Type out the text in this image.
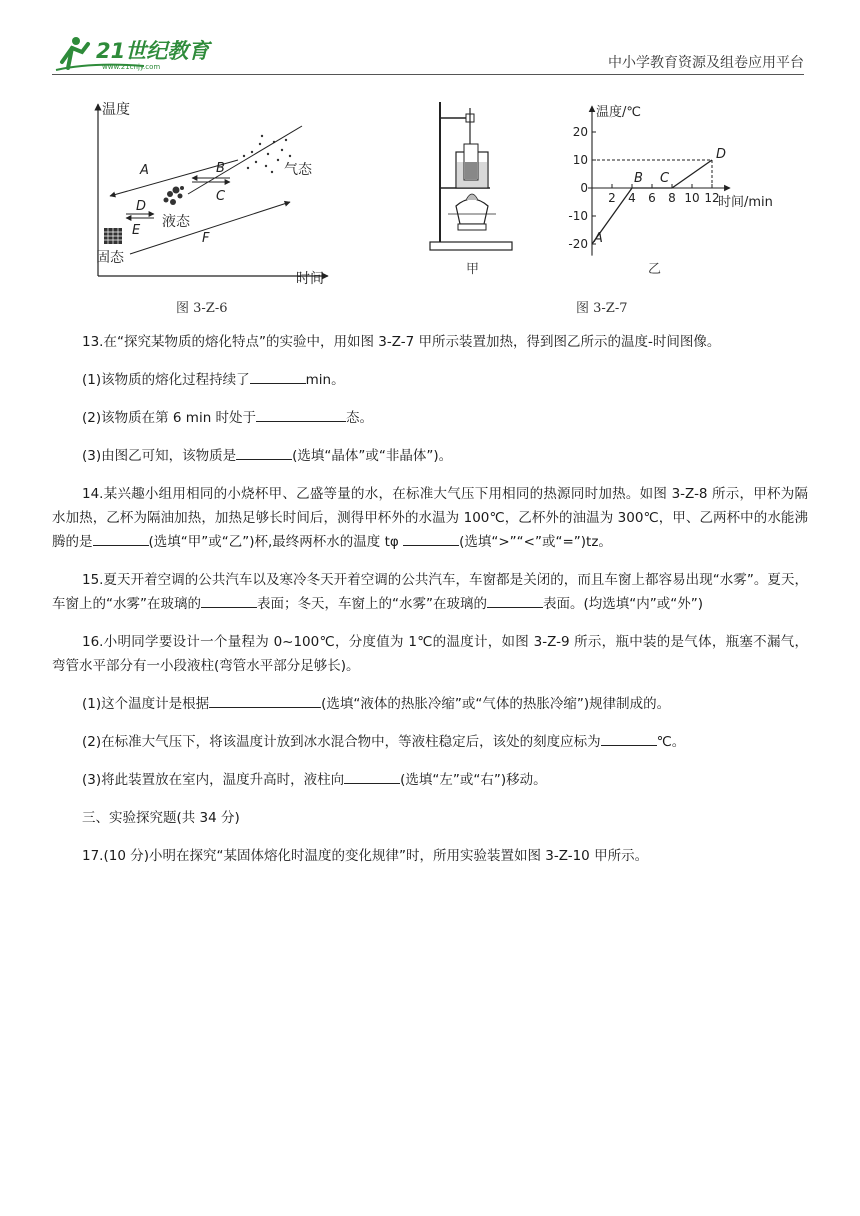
21世纪教育
www.21cnjy.com	中小学教育资源及组卷应用平台
温度
时间
固态
D
E
液态
气态
B
C
A
F
图 3-Z-6
甲
温度/℃
时间/min
20
10
0
-10
-20
2 4 6 8 10 12
A
B C
D
乙
图 3-Z-7

13.在“探究某物质的熔化特点”的实验中，用如图 3-Z-7 甲所示装置加热，得到图乙所示的温度-时间图像。

(1)该物质的熔化过程持续了	min。

(2)该物质在第 6 min 时处于	态。

(3)由图乙可知，该物质是	(选填“晶体”或“非晶体”)。

14.某兴趣小组用相同的小烧杯甲、乙盛等量的水，在标准大气压下用相同的热源同时加热。如图 3-Z-8 所示，甲杯为隔水加热，乙杯为隔油加热，加热足够长时间后，测得甲杯外的水温为 100℃，乙杯外的油温为 300℃，甲、乙两杯中的水能沸腾的是	(选填“甲”或“乙”)杯,最终两杯水的温度 tφ	(选填“>”“<”或“=”)tz。

15.夏天开着空调的公共汽车以及寒冷冬天开着空调的公共汽车，车窗都是关闭的，而且车窗上都容易出现“水雾”。夏天，车窗上的“水雾”在玻璃的	表面；冬天，车窗上的“水雾”在玻璃的	表面。(均选填“内”或“外”)

16.小明同学要设计一个量程为 0~100℃，分度值为 1℃的温度计，如图 3-Z-9 所示，瓶中装的是气体，瓶塞不漏气，弯管水平部分有一小段液柱(弯管水平部分足够长)。

(1)这个温度计是根据	(选填“液体的热胀冷缩”或“气体的热胀冷缩”)规律制成的。

(2)在标准大气压下，将该温度计放到冰水混合物中，等液柱稳定后，该处的刻度应标为	℃。

(3)将此装置放在室内，温度升高时，液柱向	(选填“左”或“右”)移动。

三、实验探究题(共 34 分)

17.(10 分)小明在探究“某固体熔化时温度的变化规律”时，所用实验装置如图 3-Z-10 甲所示。
